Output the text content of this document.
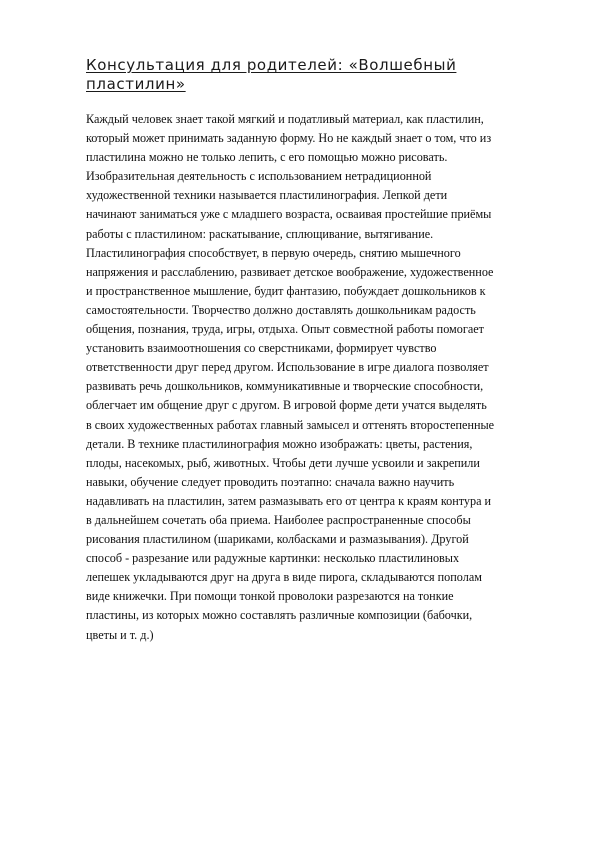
Консультация для родителей: «Волшебный
пластилин»
Каждый человек знает такой мягкий и податливый материал, как пластилин,
который может принимать заданную форму. Но не каждый знает о том, что из
пластилина можно не только лепить, с его помощью можно рисовать.
Изобразительная деятельность с использованием нетрадиционной
художественной техники называется пластилинография. Лепкой дети
начинают заниматься уже с младшего возраста, осваивая простейшие приёмы
работы с пластилином: раскатывание, сплющивание, вытягивание.
Пластилинография способствует, в первую очередь, снятию мышечного
напряжения и расслаблению, развивает детское воображение, художественное
и пространственное мышление, будит фантазию, побуждает дошкольников к
самостоятельности. Творчество должно доставлять дошкольникам радость
общения, познания, труда, игры, отдыха. Опыт совместной работы помогает
установить взаимоотношения со сверстниками, формирует чувство
ответственности друг перед другом. Использование в игре диалога позволяет
развивать речь дошкольников, коммуникативные и творческие способности,
облегчает им общение друг с другом. В игровой форме дети учатся выделять
в своих художественных работах главный замысел и оттенять второстепенные
детали. В технике пластилинография можно изображать: цветы, растения,
плоды, насекомых, рыб, животных. Чтобы дети лучше усвоили и закрепили
навыки, обучение следует проводить поэтапно: сначала важно научить
надавливать на пластилин, затем размазывать его от центра к краям контура и
в дальнейшем сочетать оба приема. Наиболее распространенные способы
рисования пластилином (шариками, колбасками и размазывания). Другой
способ - разрезание или радужные картинки: несколько пластилиновых
лепешек укладываются друг на друга в виде пирога, складываются пополам
виде книжечки. При помощи тонкой проволоки разрезаются на тонкие
пластины, из которых можно составлять различные композиции (бабочки,
цветы и т. д.)
